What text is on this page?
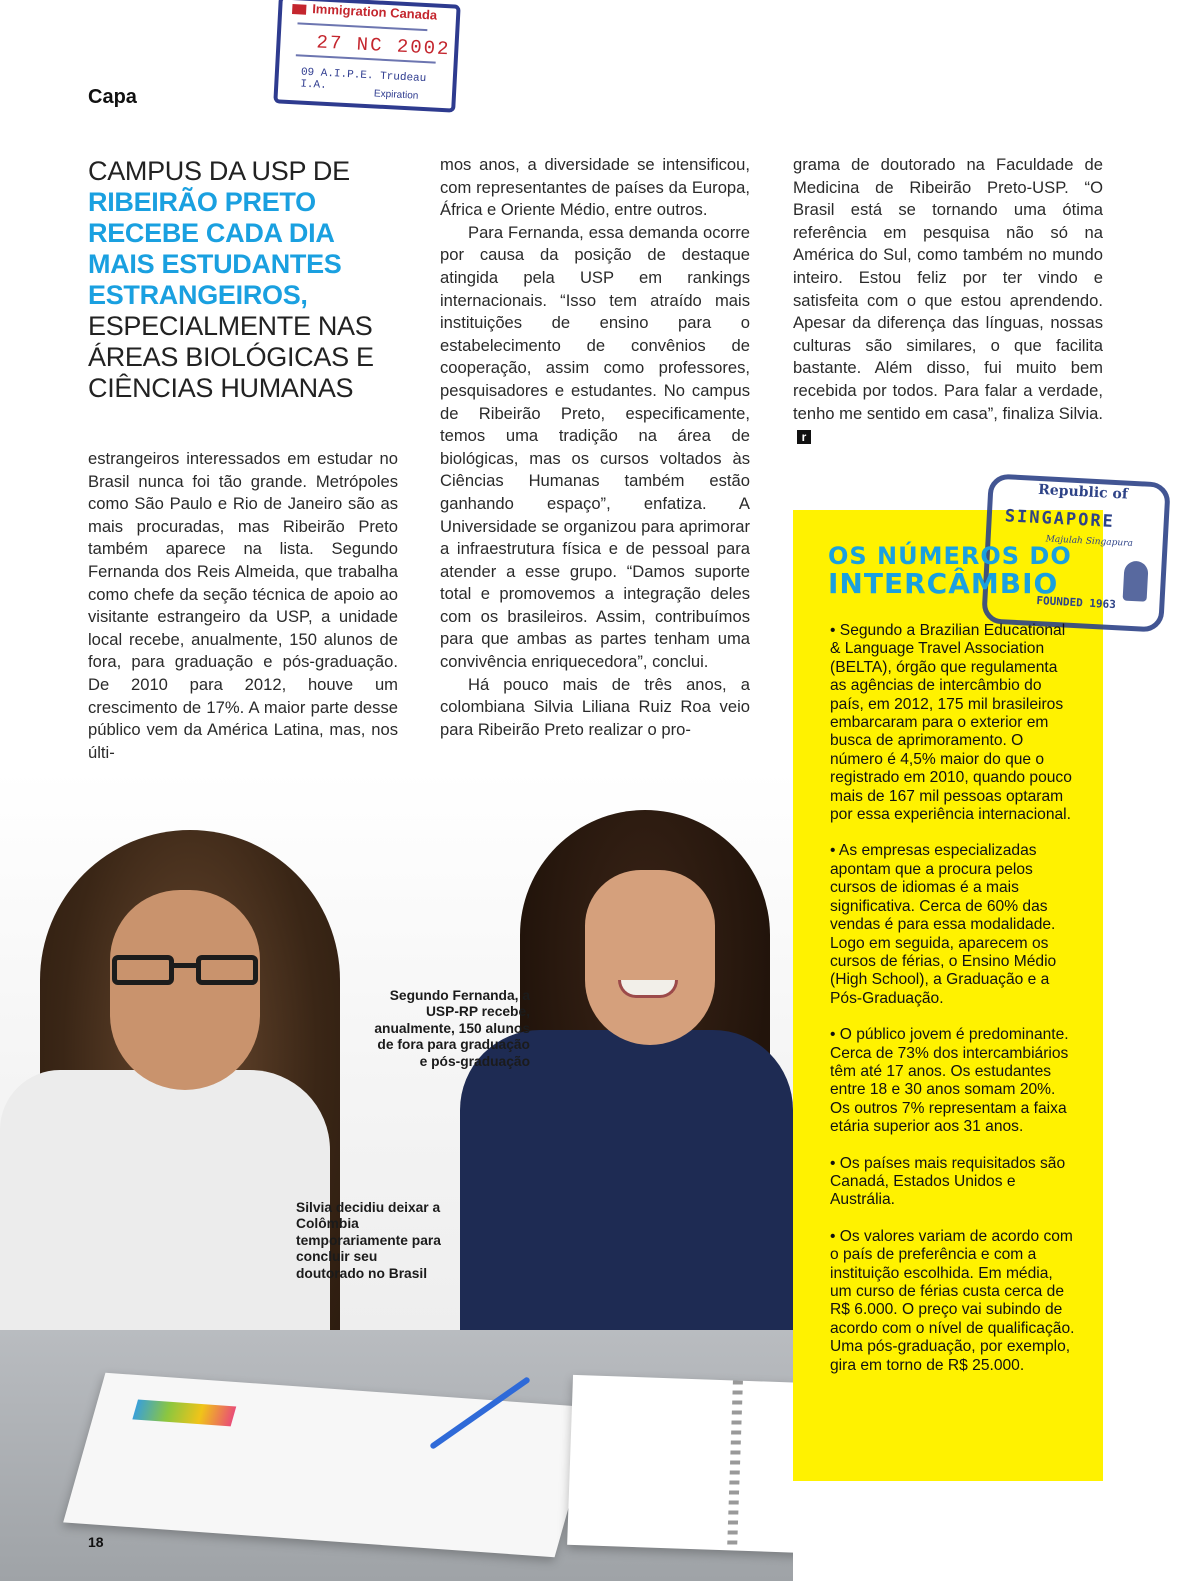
Capa
Immigration Canada
27 NC 2002
09 A.I.P.E. Trudeau I.A.
Expiration
CAMPUS DA USP DE RIBEIRÃO PRETO RECEBE CADA DIA MAIS ESTUDANTES ESTRANGEIROS, ESPECIALMENTE NAS ÁREAS BIOLÓGICAS E CIÊNCIAS HUMANAS

estrangeiros interessados em estudar no Brasil nunca foi tão grande. Metrópoles como São Paulo e Rio de Janeiro são as mais procuradas, mas Ribeirão Preto também aparece na lista. Segundo Fernanda dos Reis Almeida, que trabalha como chefe da seção técnica de apoio ao visitante estrangeiro da USP, a unidade local recebe, anualmente, 150 alunos de fora, para graduação e pós-graduação. De 2010 para 2012, houve um crescimento de 17%. A maior parte desse público vem da América Latina, mas, nos últi-

mos anos, a diversidade se intensificou, com representantes de países da Europa, África e Oriente Médio, entre outros.

Para Fernanda, essa demanda ocorre por causa da posição de destaque atingida pela USP em rankings internacionais. “Isso tem atraído mais instituições de ensino para o estabelecimento de convênios de cooperação, assim como professores, pesquisadores e estudantes. No campus de Ribeirão Preto, especificamente, temos uma tradição na área de biológicas, mas os cursos voltados às Ciências Humanas também estão ganhando espaço”, enfatiza. A Universidade se organizou para aprimorar a infraestrutura física e de pessoal para atender a esse grupo. “Damos suporte total e promovemos a integração deles com os brasileiros. Assim, contribuímos para que ambas as partes tenham uma convivência enriquecedora”, conclui.

Há pouco mais de três anos, a colombiana Silvia Liliana Ruiz Roa veio para Ribeirão Preto realizar o pro-

grama de doutorado na Faculdade de Medicina de Ribeirão Preto-USP. “O Brasil está se tornando uma ótima referência em pesquisa não só na América do Sul, como também no mundo inteiro. Estou feliz por ter vindo e satisfeita com o que estou aprendendo. Apesar da diferença das línguas, nossas culturas são similares, o que facilita bastante. Além disso, fui muito bem recebida por todos. Para falar a verdade, tenho me sentido em casa”, finaliza Silvia.r

Segundo Fernanda, a USP-RP recebe, anualmente, 150 alunos de fora para graduação e pós-graduação
Silvia decidiu deixar a Colômbia temporariamente para concluir seu doutorado no Brasil
Republic of
SINGAPORE
Majulah Singapura
FOUNDED 1963
OS NÚMEROS DO
INTERCÂMBIO

• Segundo a Brazilian Educational & Language Travel Association (BELTA), órgão que regulamenta as agências de intercâmbio do país, em 2012, 175 mil brasileiros embarcaram para o exterior em busca de aprimoramento. O número é 4,5% maior do que o registrado em 2010, quando pouco mais de 167 mil pessoas optaram por essa experiência internacional.

• As empresas especializadas apontam que a procura pelos cursos de idiomas é a mais significativa. Cerca de 60% das vendas é para essa modalidade. Logo em seguida, aparecem os cursos de férias, o Ensino Médio (High School), a Graduação e a Pós-Graduação.

• O público jovem é predominante. Cerca de 73% dos intercambiários têm até 17 anos. Os estudantes entre 18 e 30 anos somam 20%. Os outros 7% representam a faixa etária superior aos 31 anos.

• Os países mais requisitados são Canadá, Estados Unidos e Austrália.

• Os valores variam de acordo com o país de preferência e com a instituição escolhida. Em média, um curso de férias custa cerca de R$ 6.000. O preço vai subindo de acordo com o nível de qualificação. Uma pós-graduação, por exemplo, gira em torno de R$ 25.000.

18
